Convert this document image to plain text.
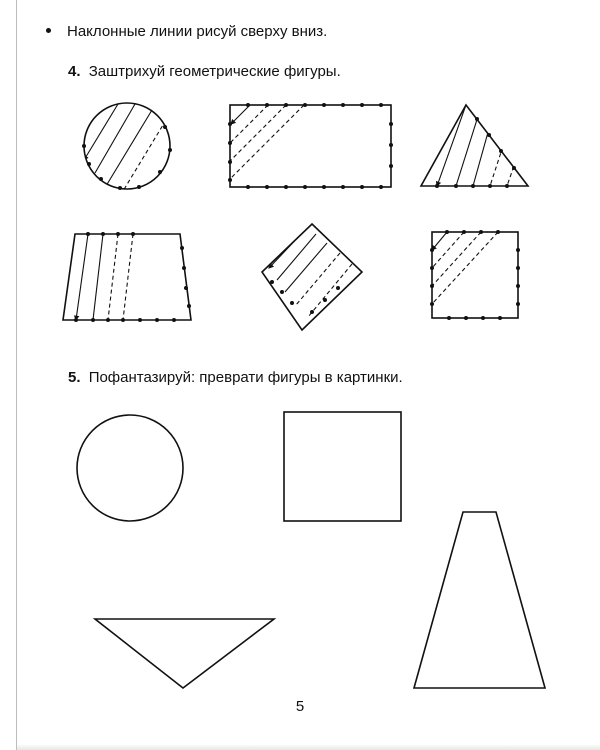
Наклонные линии рисуй сверху вниз.
4. Заштрихуй геометрические фигуры.
5. Пофантазируй: преврати фигуры в картинки.
5
